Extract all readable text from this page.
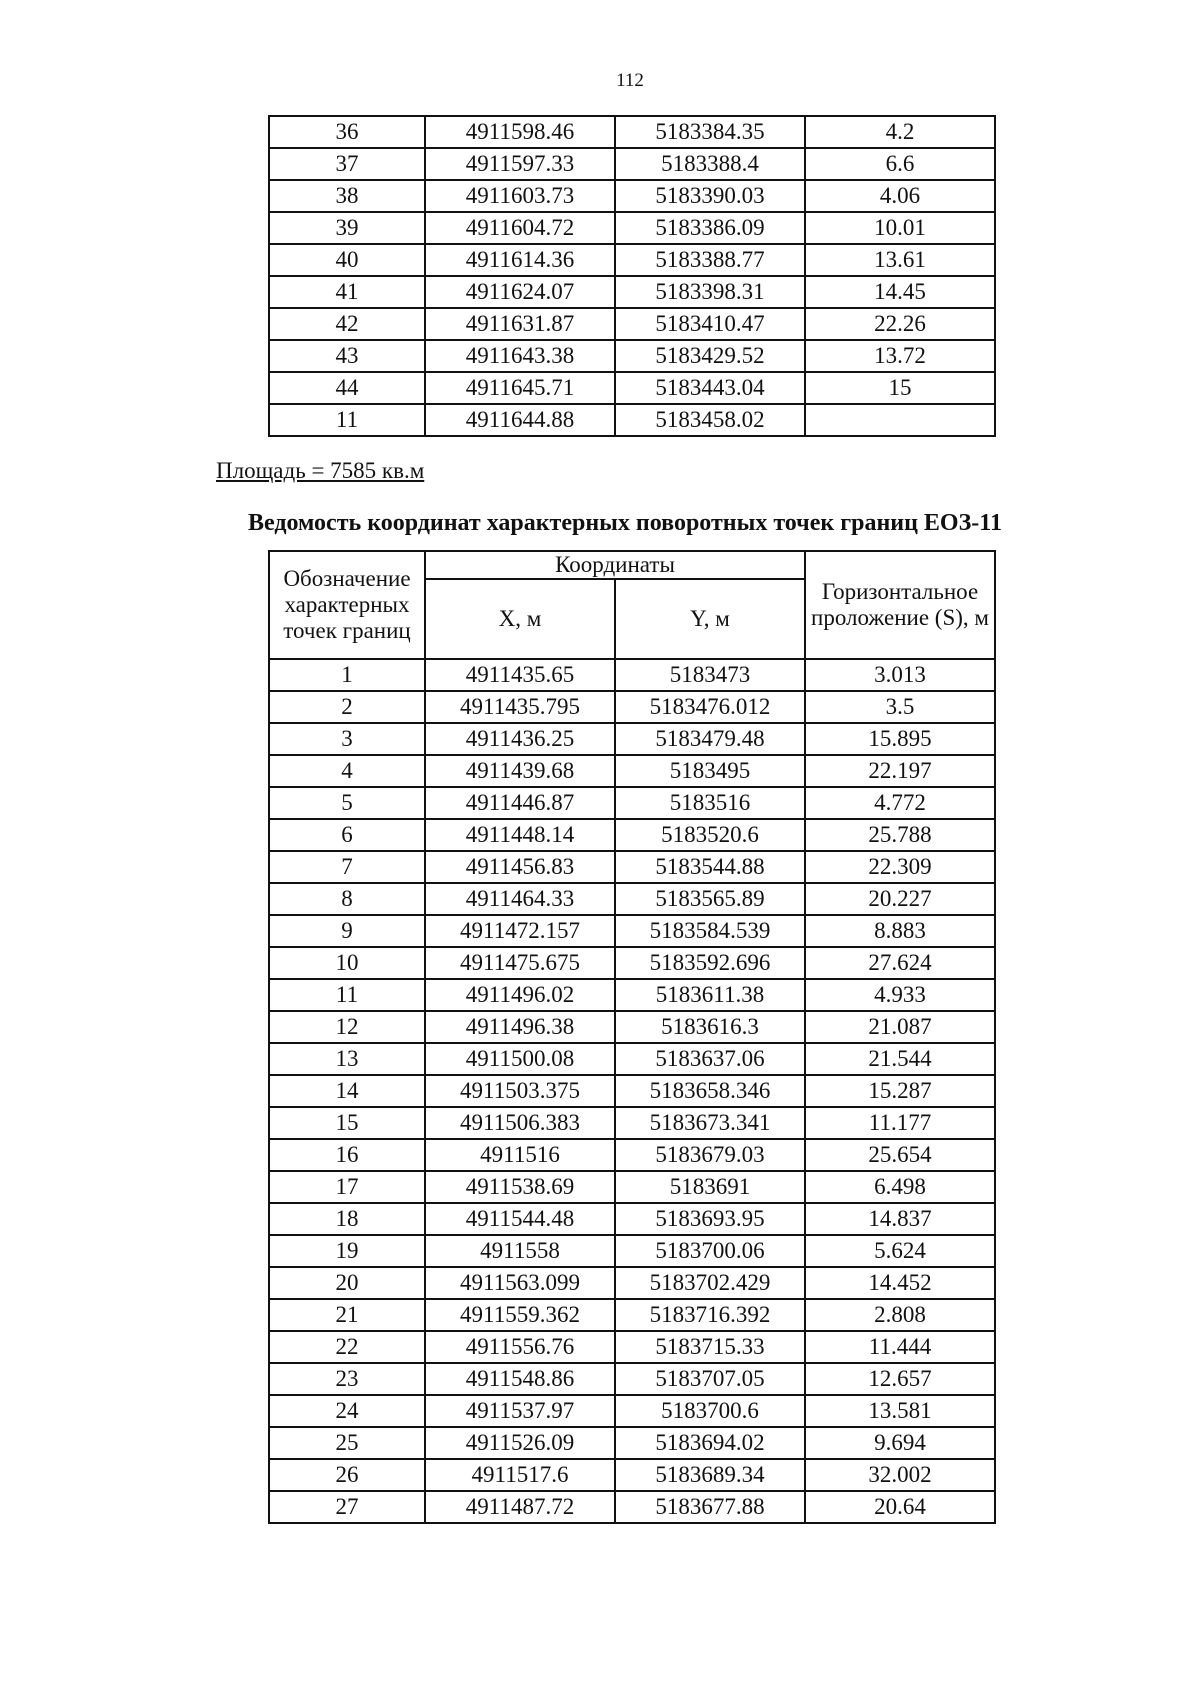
112
36	4911598.46	5183384.35	4.2
37	4911597.33	5183388.4	6.6
38	4911603.73	5183390.03	4.06
39	4911604.72	5183386.09	10.01
40	4911614.36	5183388.77	13.61
41	4911624.07	5183398.31	14.45
42	4911631.87	5183410.47	22.26
43	4911643.38	5183429.52	13.72
44	4911645.71	5183443.04	15
11	4911644.88	5183458.02	
Площадь = 7585 кв.м
Ведомость координат характерных поворотных точек границ ЕОЗ-11
Обозначение характерных точек границ	Координаты		Горизонтальное проложение (S), м
	X, м	Y, м	
1	4911435.65	5183473	3.013
2	4911435.795	5183476.012	3.5
3	4911436.25	5183479.48	15.895
4	4911439.68	5183495	22.197
5	4911446.87	5183516	4.772
6	4911448.14	5183520.6	25.788
7	4911456.83	5183544.88	22.309
8	4911464.33	5183565.89	20.227
9	4911472.157	5183584.539	8.883
10	4911475.675	5183592.696	27.624
11	4911496.02	5183611.38	4.933
12	4911496.38	5183616.3	21.087
13	4911500.08	5183637.06	21.544
14	4911503.375	5183658.346	15.287
15	4911506.383	5183673.341	11.177
16	4911516	5183679.03	25.654
17	4911538.69	5183691	6.498
18	4911544.48	5183693.95	14.837
19	4911558	5183700.06	5.624
20	4911563.099	5183702.429	14.452
21	4911559.362	5183716.392	2.808
22	4911556.76	5183715.33	11.444
23	4911548.86	5183707.05	12.657
24	4911537.97	5183700.6	13.581
25	4911526.09	5183694.02	9.694
26	4911517.6	5183689.34	32.002
27	4911487.72	5183677.88	20.64
